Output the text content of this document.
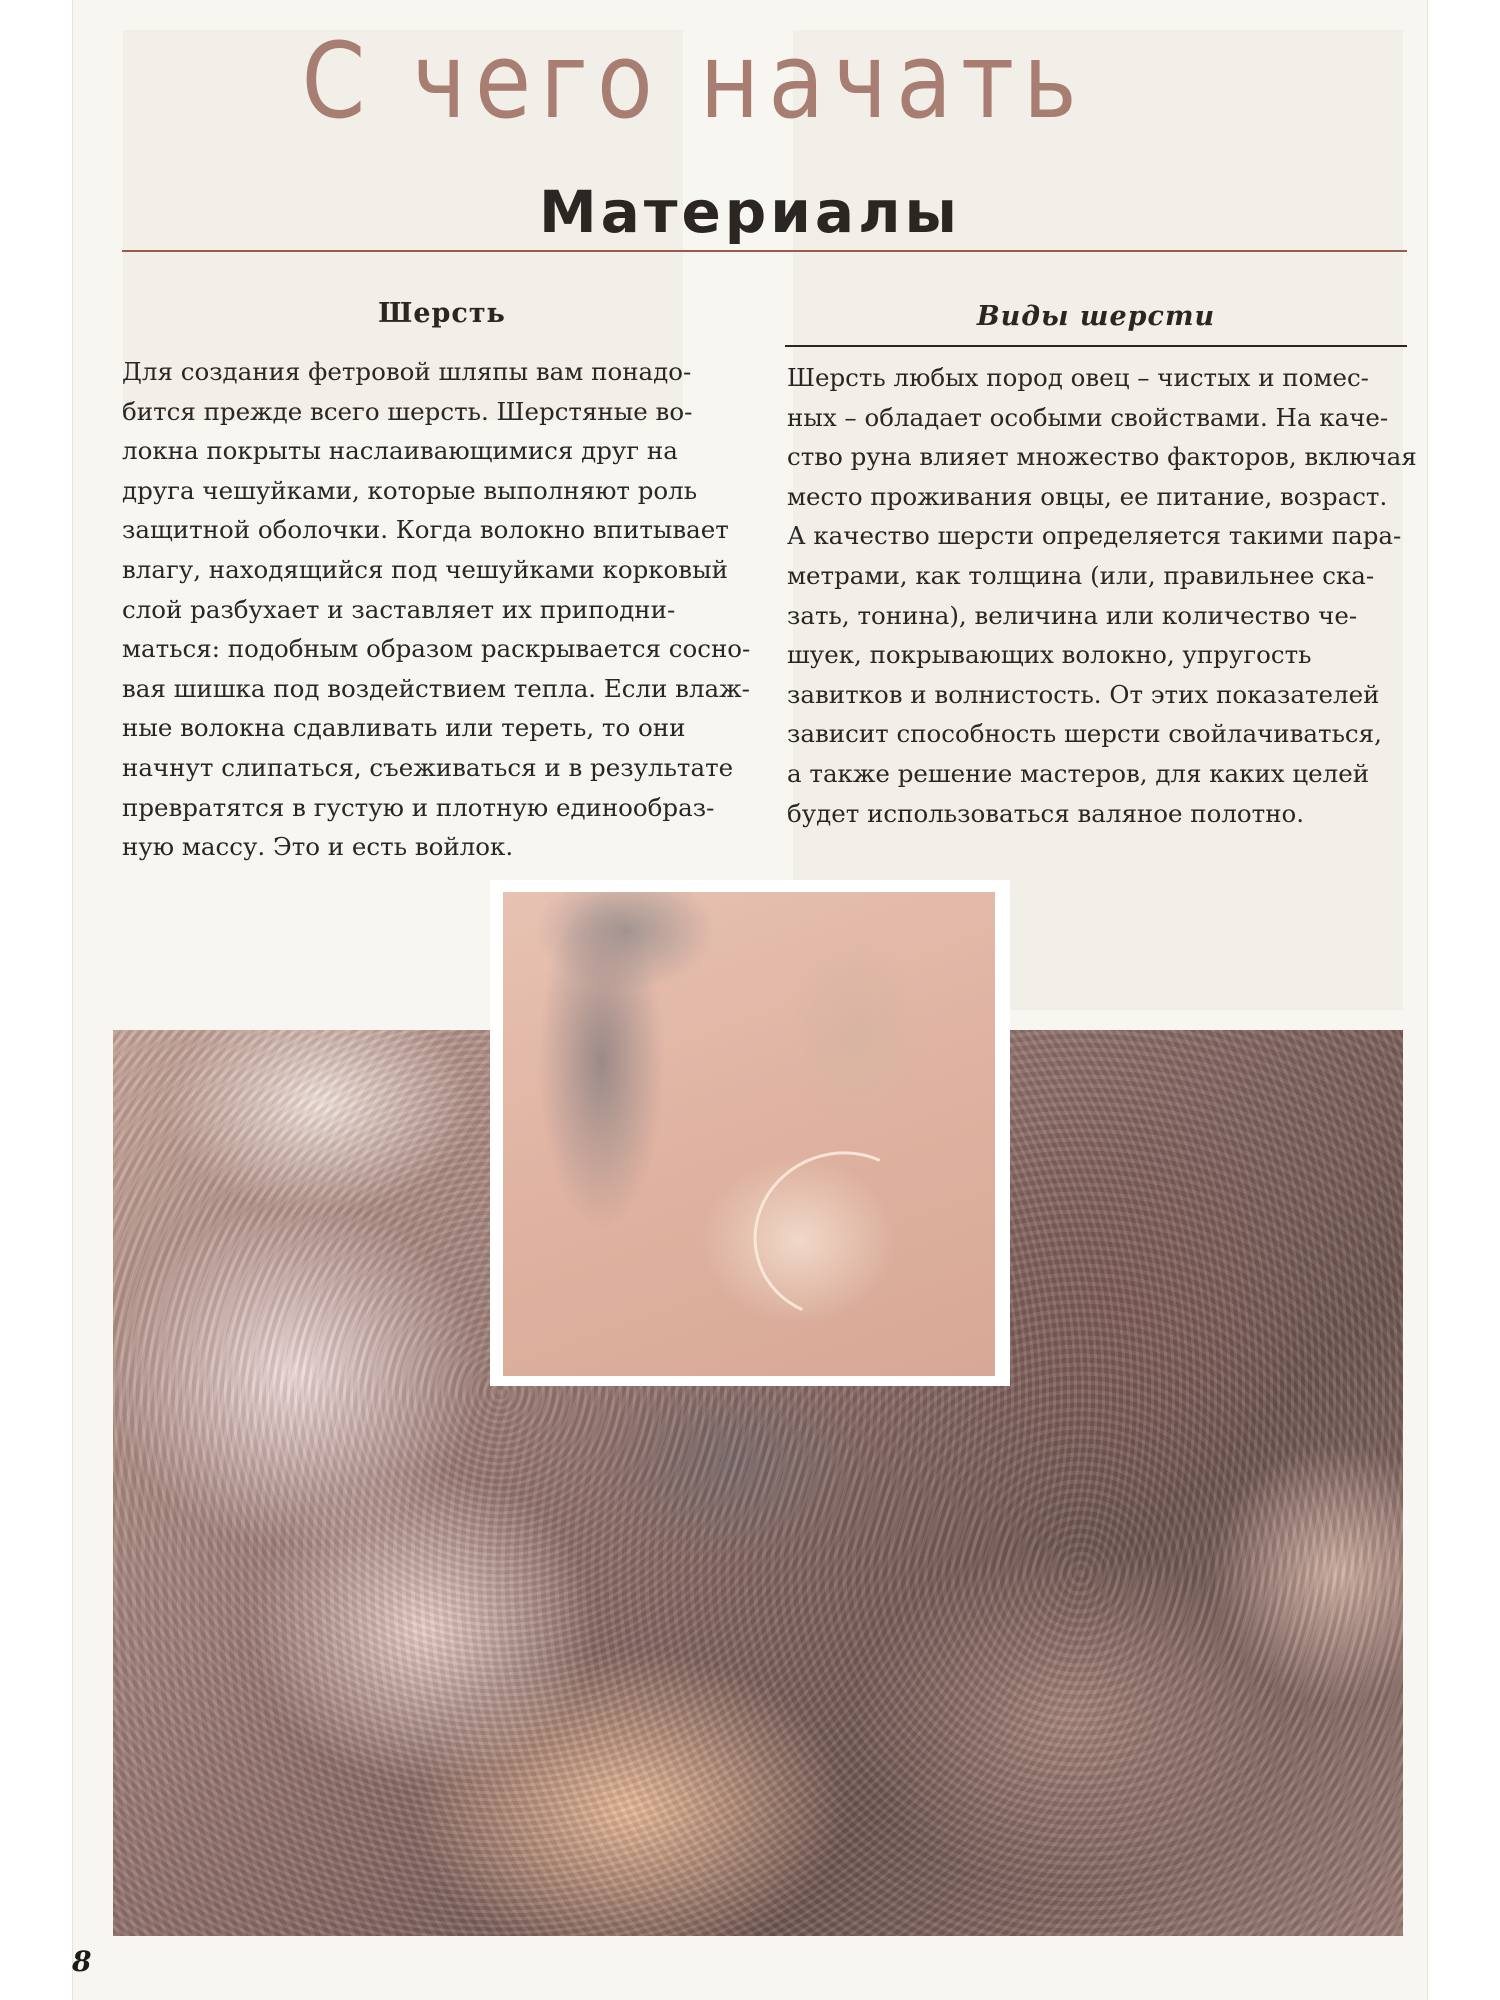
С чего начать
Материалы
Шерсть

Для создания фетровой шляпы вам понадо-
бится прежде всего шерсть. Шерстяные во-
локна покрыты наслаивающимися друг на
друга чешуйками, которые выполняют роль
защитной оболочки. Когда волокно впитывает
влагу, находящийся под чешуйками корковый
слой разбухает и заставляет их приподни-
маться: подобным образом раскрывается сосно-
вая шишка под воздействием тепла. Если влаж-
ные волокна сдавливать или тереть, то они
начнут слипаться, съеживаться и в результате
превратятся в густую и плотную единообраз-
ную массу. Это и есть войлок.

Виды шерсти

Шерсть любых пород овец – чистых и помес-
ных – обладает особыми свойствами. На каче-
ство руна влияет множество факторов, включая
место проживания овцы, ее питание, возраст.
А качество шерсти определяется такими пара-
метрами, как толщина (или, правильнее ска-
зать, тонина), величина или количество че-
шуек, покрывающих волокно, упругость
завитков и волнистость. От этих показателей
зависит способность шерсти свойлачиваться,
а также решение мастеров, для каких целей
будет использоваться валяное полотно.

8
